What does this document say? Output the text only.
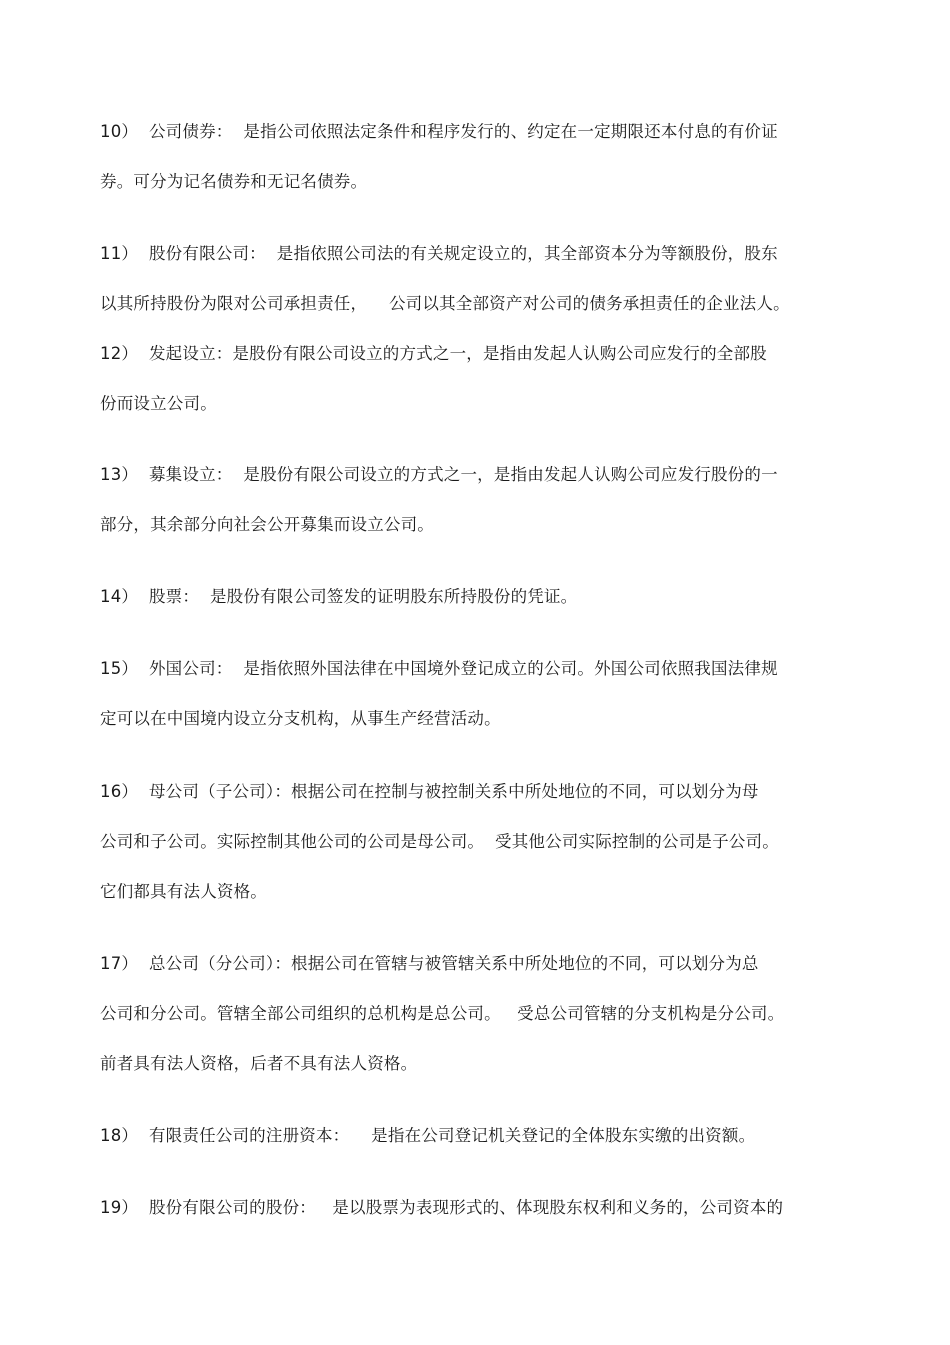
10）  公司债券：  是指公司依照法定条件和程序发行的、约定在一定期限还本付息的有价证
券。可分为记名债券和无记名债券。
11）  股份有限公司：  是指依照公司法的有关规定设立的，其全部资本分为等额股份，股东
以其所持股份为限对公司承担责任，    公司以其全部资产对公司的债务承担责任的企业法人。
12）  发起设立：是股份有限公司设立的方式之一，是指由发起人认购公司应发行的全部股
份而设立公司。
13）  募集设立：  是股份有限公司设立的方式之一，是指由发起人认购公司应发行股份的一
部分，其余部分向社会公开募集而设立公司。
14）  股票：  是股份有限公司签发的证明股东所持股份的凭证。
15）  外国公司：  是指依照外国法律在中国境外登记成立的公司。外国公司依照我国法律规
定可以在中国境内设立分支机构，从事生产经营活动。
16）  母公司（子公司）：根据公司在控制与被控制关系中所处地位的不同，可以划分为母
公司和子公司。实际控制其他公司的公司是母公司。  受其他公司实际控制的公司是子公司。
它们都具有法人资格。
17）  总公司（分公司）：根据公司在管辖与被管辖关系中所处地位的不同，可以划分为总
公司和分公司。管辖全部公司组织的总机构是总公司。   受总公司管辖的分支机构是分公司。
前者具有法人资格，后者不具有法人资格。
18）  有限责任公司的注册资本：    是指在公司登记机关登记的全体股东实缴的出资额。
19）  股份有限公司的股份：   是以股票为表现形式的、体现股东权利和义务的，公司资本的
